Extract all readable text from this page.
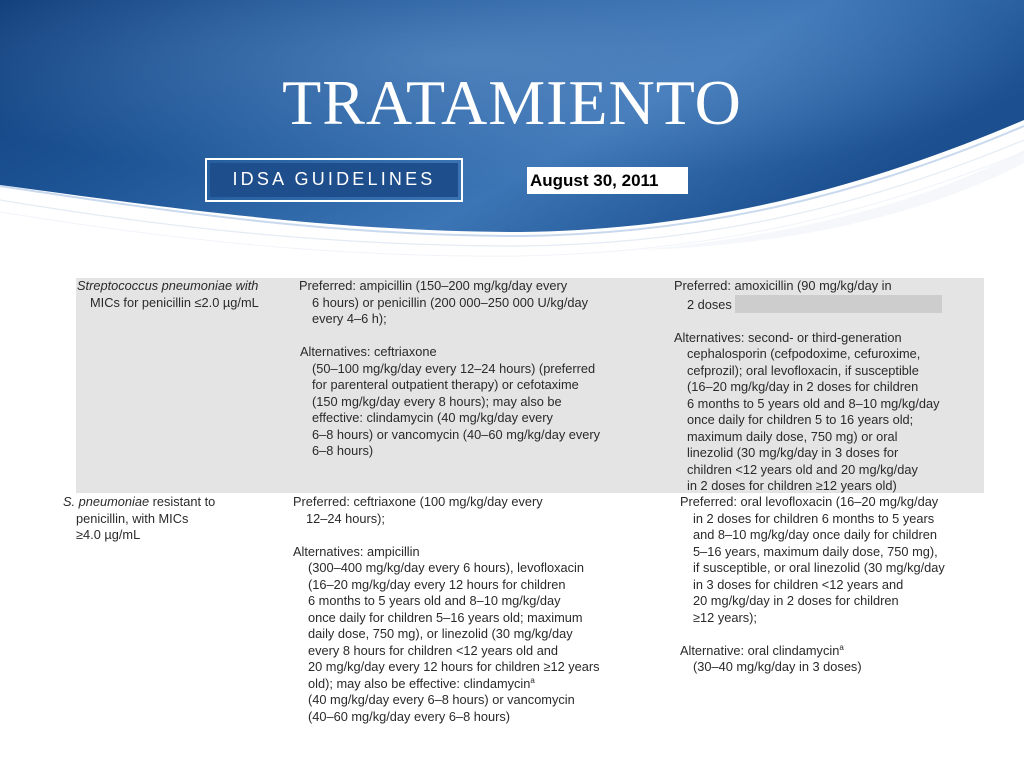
TRATAMIENTO
IDSA GUIDELINES	August 30, 2011
Streptococcus pneumoniae with
MICs for penicillin ≤2.0 µg/mL
Preferred: ampicillin (150–200 mg/kg/day every
6 hours) or penicillin (200 000–250 000 U/kg/day
every 4–6 h);
Alternatives: ceftriaxone
(50–100 mg/kg/day every 12–24 hours) (preferred
for parenteral outpatient therapy) or cefotaxime
(150 mg/kg/day every 8 hours); may also be
effective: clindamycin (40 mg/kg/day every
6–8 hours) or vancomycin (40–60 mg/kg/day every
6–8 hours)
Preferred: amoxicillin (90 mg/kg/day in
2 doses
Alternatives: second- or third-generation
cephalosporin (cefpodoxime, cefuroxime,
cefprozil); oral levofloxacin, if susceptible
(16–20 mg/kg/day in 2 doses for children
6 months to 5 years old and 8–10 mg/kg/day
once daily for children 5 to 16 years old;
maximum daily dose, 750 mg) or oral
linezolid (30 mg/kg/day in 3 doses for
children <12 years old and 20 mg/kg/day
in 2 doses for children ≥12 years old)
S. pneumoniae resistant to
penicillin, with MICs
≥4.0 µg/mL
Preferred: ceftriaxone (100 mg/kg/day every
12–24 hours);
Alternatives: ampicillin
(300–400 mg/kg/day every 6 hours), levofloxacin
(16–20 mg/kg/day every 12 hours for children
6 months to 5 years old and 8–10 mg/kg/day
once daily for children 5–16 years old; maximum
daily dose, 750 mg), or linezolid (30 mg/kg/day
every 8 hours for children <12 years old and
20 mg/kg/day every 12 hours for children ≥12 years
old); may also be effective: clindamycin$^a$
(40 mg/kg/day every 6–8 hours) or vancomycin
(40–60 mg/kg/day every 6–8 hours)
Preferred: oral levofloxacin (16–20 mg/kg/day
in 2 doses for children 6 months to 5 years
and 8–10 mg/kg/day once daily for children
5–16 years, maximum daily dose, 750 mg),
if susceptible, or oral linezolid (30 mg/kg/day
in 3 doses for children <12 years and
20 mg/kg/day in 2 doses for children
≥12 years);
Alternative: oral clindamycin$^a$
(30–40 mg/kg/day in 3 doses)
